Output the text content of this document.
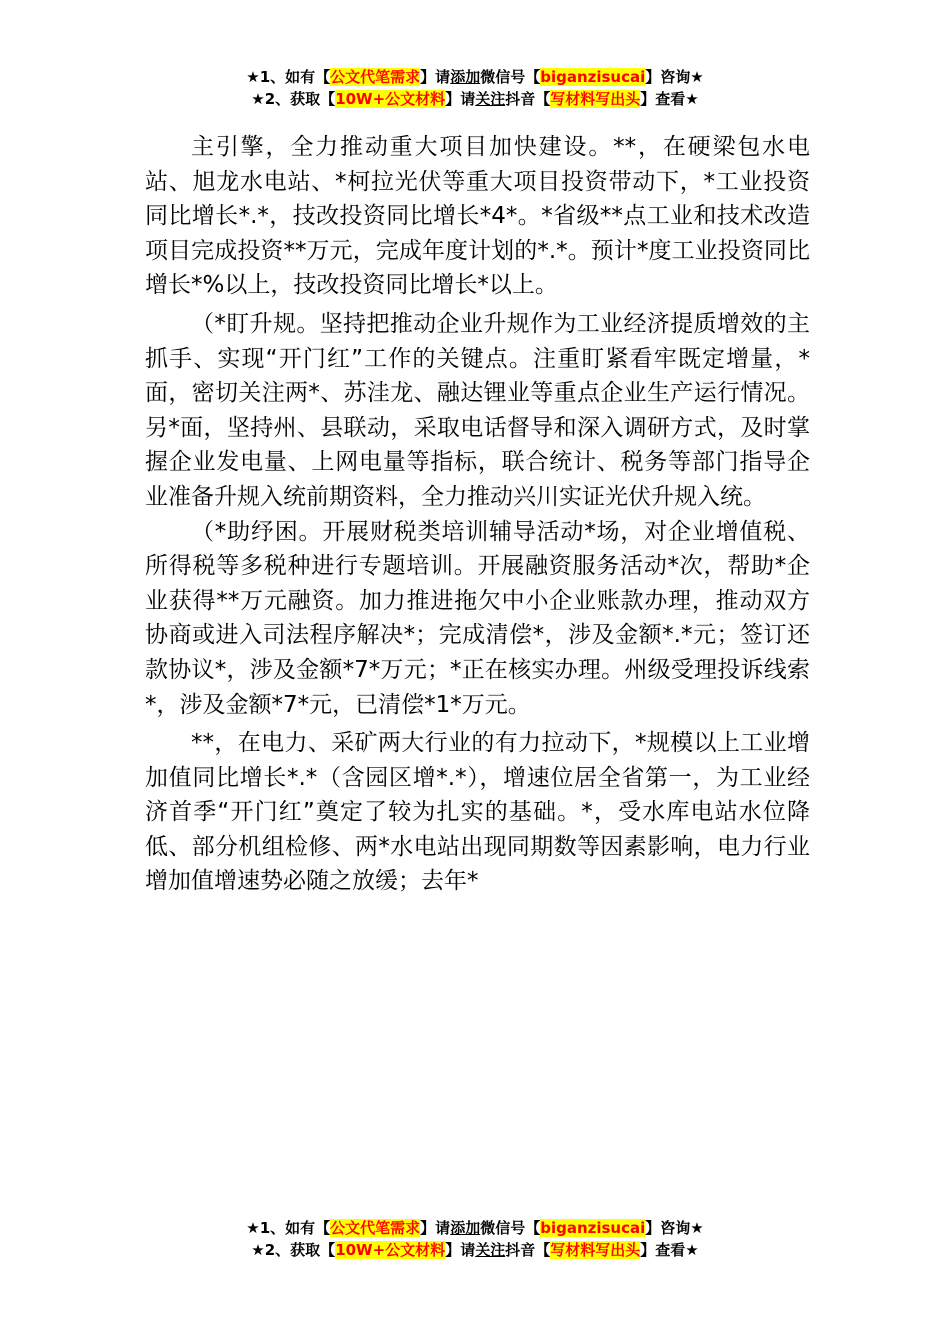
★1、如有【公文代笔需求】请添加微信号【biganzisucai】咨询★
★2、获取【10W+公文材料】请关注抖音【写材料写出头】查看★

主引擎，全力推动重大项目加快建设。**，在硬梁包水电站、旭龙水电站、*柯拉光伏等重大项目投资带动下，*工业投资同比增长*.*，技改投资同比增长*4*。*省级**点工业和技术改造项目完成投资**万元，完成年度计划的*.*。预计*度工业投资同比增长*%以上，技改投资同比增长*以上。

（*盯升规。坚持把推动企业升规作为工业经济提质增效的主抓手、实现“开门红”工作的关键点。注重盯紧看牢既定增量，*面，密切关注两*、苏洼龙、融达锂业等重点企业生产运行情况。另*面，坚持州、县联动，采取电话督导和深入调研方式，及时掌握企业发电量、上网电量等指标，联合统计、税务等部门指导企业准备升规入统前期资料，全力推动兴川实证光伏升规入统。

（*助纾困。开展财税类培训辅导活动*场，对企业增值税、所得税等多税种进行专题培训。开展融资服务活动*次，帮助*企业获得**万元融资。加力推进拖欠中小企业账款办理，推动双方协商或进入司法程序解决*；完成清偿*，涉及金额*.*元；签订还款协议*，涉及金额*7*万元；*正在核实办理。州级受理投诉线索*，涉及金额*7*元，已清偿*1*万元。

**，在电力、采矿两大行业的有力拉动下，*规模以上工业增加值同比增长*.*（含园区增*.*），增速位居全省第一，为工业经济首季“开门红”奠定了较为扎实的基础。*，受水库电站水位降低、部分机组检修、两*水电站出现同期数等因素影响，电力行业增加值增速势必随之放缓；去年*

★1、如有【公文代笔需求】请添加微信号【biganzisucai】咨询★
★2、获取【10W+公文材料】请关注抖音【写材料写出头】查看★
